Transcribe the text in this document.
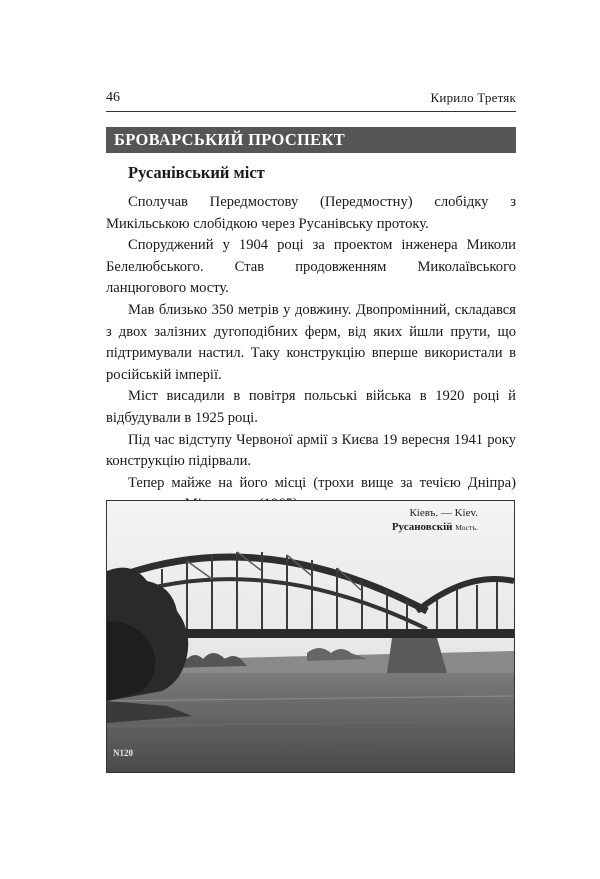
46	Кирило Третяк
БРОВАРСЬКИЙ ПРОСПЕКТ
Русанівський міст

Сполучав Передмостову (Передмостну) слобідку з Микільською слобідкою через Русанівську протоку.

Споруджений у 1904 році за проектом інженера Миколи Белелюбського. Став продовженням Миколаївського ланцюгового мосту.

Мав близько 350 метрів у довжину. Двопромінний, складався з двох залізних дугоподібних ферм, від яких йшли прути, що підтримували настил. Таку конструкцію вперше використали в російській імперії.

Міст висадили в повітря польські війська в 1920 році й відбудували в 1925 році.

Під час відступу Червоної армії з Києва 19 вересня 1941 року конструкцію підірвали.

Тепер майже на його місці (трохи вище за течією Дніпра)

Кіевъ. — Kiev.
Русановскій Мостъ.
N120
